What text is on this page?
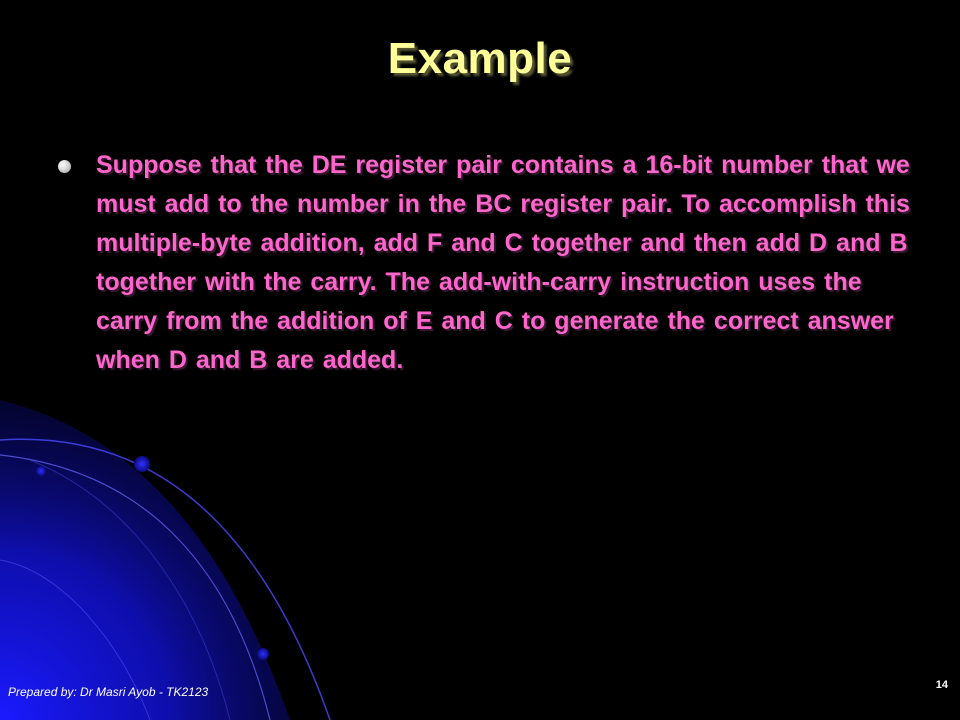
Example
Suppose that the DE register pair contains a 16-bit number that we must add to the number in the BC register pair. To accomplish this multiple-byte addition, add F and C together and then add D and B together with the carry. The add-with-carry instruction uses the carry from the addition of E and C to generate the correct answer when D and B are added.
Prepared by: Dr Masri Ayob - TK2123	14
